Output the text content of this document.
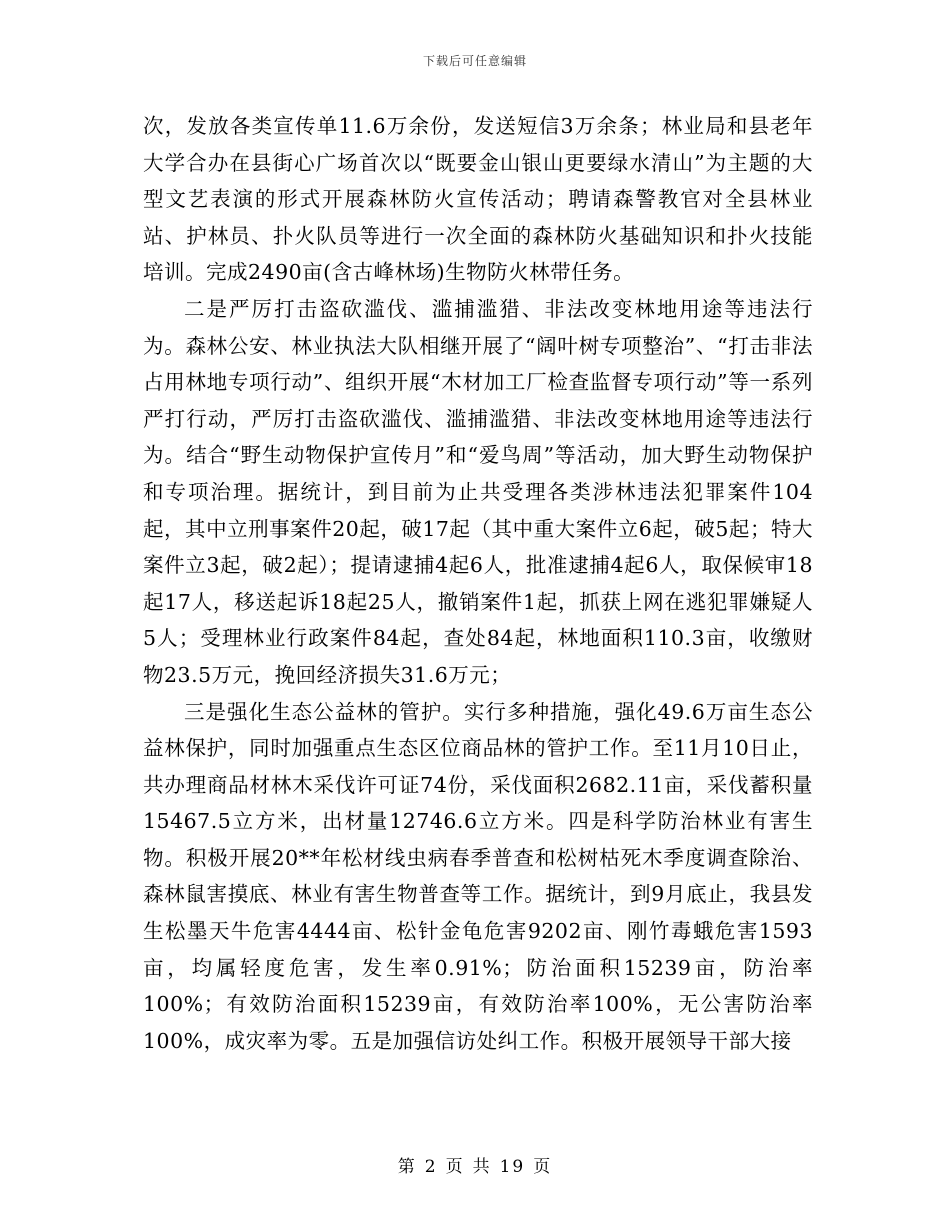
下载后可任意编辑

次，发放各类宣传单11.6万余份，发送短信3万余条；林业局和县老年大学合办在县街心广场首次以“既要金山银山更要绿水清山”为主题的大型文艺表演的形式开展森林防火宣传活动；聘请森警教官对全县林业站、护林员、扑火队员等进行一次全面的森林防火基础知识和扑火技能培训。完成2490亩(含古峰林场)生物防火林带任务。

二是严厉打击盗砍滥伐、滥捕滥猎、非法改变林地用途等违法行为。森林公安、林业执法大队相继开展了“阔叶树专项整治”、“打击非法占用林地专项行动”、组织开展“木材加工厂检查监督专项行动”等一系列严打行动，严厉打击盗砍滥伐、滥捕滥猎、非法改变林地用途等违法行为。结合“野生动物保护宣传月”和“爱鸟周”等活动，加大野生动物保护和专项治理。据统计，到目前为止共受理各类涉林违法犯罪案件104起，其中立刑事案件20起，破17起（其中重大案件立6起，破5起；特大案件立3起，破2起）；提请逮捕4起6人，批准逮捕4起6人，取保候审18起17人，移送起诉18起25人，撤销案件1起，抓获上网在逃犯罪嫌疑人5人；受理林业行政案件84起，查处84起，林地面积110.3亩，收缴财物23.5万元，挽回经济损失31.6万元；

三是强化生态公益林的管护。实行多种措施，强化49.6万亩生态公益林保护，同时加强重点生态区位商品林的管护工作。至11月10日止，共办理商品材林木采伐许可证74份，采伐面积2682.11亩，采伐蓄积量15467.5立方米，出材量12746.6立方米。四是科学防治林业有害生物。积极开展20**年松材线虫病春季普查和松树枯死木季度调查除治、森林鼠害摸底、林业有害生物普查等工作。据统计，到9月底止，我县发生松墨天牛危害4444亩、松针金龟危害9202亩、刚竹毒蛾危害1593亩，均属轻度危害，发生率0.91%；防治面积15239亩，防治率100%；有效防治面积15239亩，有效防治率100%，无公害防治率100%，成灾率为零。五是加强信访处纠工作。积极开展领导干部大接

第 2 页 共 19 页
